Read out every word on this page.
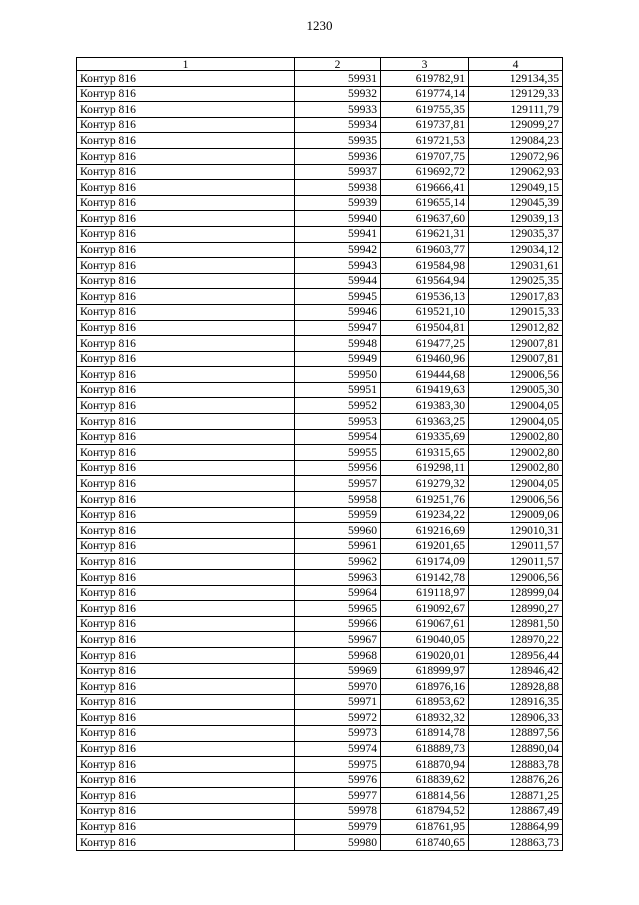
1230
1	2	3	4
Контур 816	59931	619782,91	129134,35
Контур 816	59932	619774,14	129129,33
Контур 816	59933	619755,35	129111,79
Контур 816	59934	619737,81	129099,27
Контур 816	59935	619721,53	129084,23
Контур 816	59936	619707,75	129072,96
Контур 816	59937	619692,72	129062,93
Контур 816	59938	619666,41	129049,15
Контур 816	59939	619655,14	129045,39
Контур 816	59940	619637,60	129039,13
Контур 816	59941	619621,31	129035,37
Контур 816	59942	619603,77	129034,12
Контур 816	59943	619584,98	129031,61
Контур 816	59944	619564,94	129025,35
Контур 816	59945	619536,13	129017,83
Контур 816	59946	619521,10	129015,33
Контур 816	59947	619504,81	129012,82
Контур 816	59948	619477,25	129007,81
Контур 816	59949	619460,96	129007,81
Контур 816	59950	619444,68	129006,56
Контур 816	59951	619419,63	129005,30
Контур 816	59952	619383,30	129004,05
Контур 816	59953	619363,25	129004,05
Контур 816	59954	619335,69	129002,80
Контур 816	59955	619315,65	129002,80
Контур 816	59956	619298,11	129002,80
Контур 816	59957	619279,32	129004,05
Контур 816	59958	619251,76	129006,56
Контур 816	59959	619234,22	129009,06
Контур 816	59960	619216,69	129010,31
Контур 816	59961	619201,65	129011,57
Контур 816	59962	619174,09	129011,57
Контур 816	59963	619142,78	129006,56
Контур 816	59964	619118,97	128999,04
Контур 816	59965	619092,67	128990,27
Контур 816	59966	619067,61	128981,50
Контур 816	59967	619040,05	128970,22
Контур 816	59968	619020,01	128956,44
Контур 816	59969	618999,97	128946,42
Контур 816	59970	618976,16	128928,88
Контур 816	59971	618953,62	128916,35
Контур 816	59972	618932,32	128906,33
Контур 816	59973	618914,78	128897,56
Контур 816	59974	618889,73	128890,04
Контур 816	59975	618870,94	128883,78
Контур 816	59976	618839,62	128876,26
Контур 816	59977	618814,56	128871,25
Контур 816	59978	618794,52	128867,49
Контур 816	59979	618761,95	128864,99
Контур 816	59980	618740,65	128863,73
